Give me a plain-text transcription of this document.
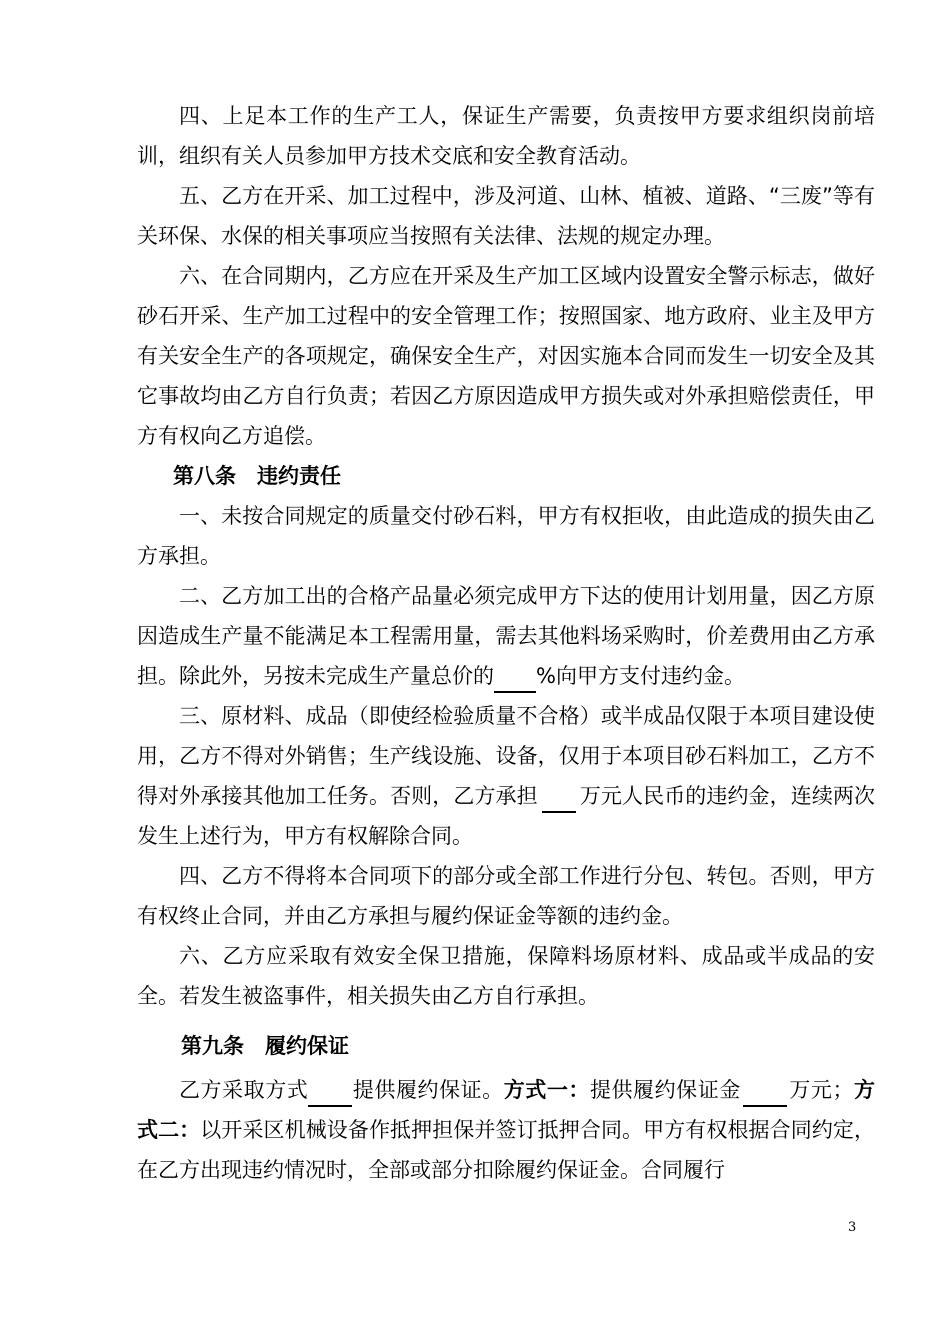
四、上足本工作的生产工人，保证生产需要，负责按甲方要求组织岗前培训，组织有关人员参加甲方技术交底和安全教育活动。

五、乙方在开采、加工过程中，涉及河道、山林、植被、道路、“三废”等有关环保、水保的相关事项应当按照有关法律、法规的规定办理。

六、在合同期内，乙方应在开采及生产加工区域内设置安全警示标志，做好砂石开采、生产加工过程中的安全管理工作；按照国家、地方政府、业主及甲方有关安全生产的各项规定，确保安全生产，对因实施本合同而发生一切安全及其它事故均由乙方自行负责；若因乙方原因造成甲方损失或对外承担赔偿责任，甲方有权向乙方追偿。

第八条　违约责任

一、未按合同规定的质量交付砂石料，甲方有权拒收，由此造成的损失由乙方承担。

二、乙方加工出的合格产品量必须完成甲方下达的使用计划用量，因乙方原因造成生产量不能满足本工程需用量，需去其他料场采购时，价差费用由乙方承担。除此外，另按未完成生产量总价的 %向甲方支付违约金。

三、原材料、成品（即使经检验质量不合格）或半成品仅限于本项目建设使用，乙方不得对外销售；生产线设施、设备，仅用于本项目砂石料加工，乙方不得对外承接其他加工任务。否则，乙方承担 万元人民币的违约金，连续两次发生上述行为，甲方有权解除合同。

四、乙方不得将本合同项下的部分或全部工作进行分包、转包。否则，甲方有权终止合同，并由乙方承担与履约保证金等额的违约金。

六、乙方应采取有效安全保卫措施，保障料场原材料、成品或半成品的安全。若发生被盗事件，相关损失由乙方自行承担。

第九条　履约保证

乙方采取方式 提供履约保证。方式一：提供履约保证金 万元；方式二：以开采区机械设备作抵押担保并签订抵押合同。甲方有权根据合同约定，在乙方出现违约情况时，全部或部分扣除履约保证金。合同履行

3
